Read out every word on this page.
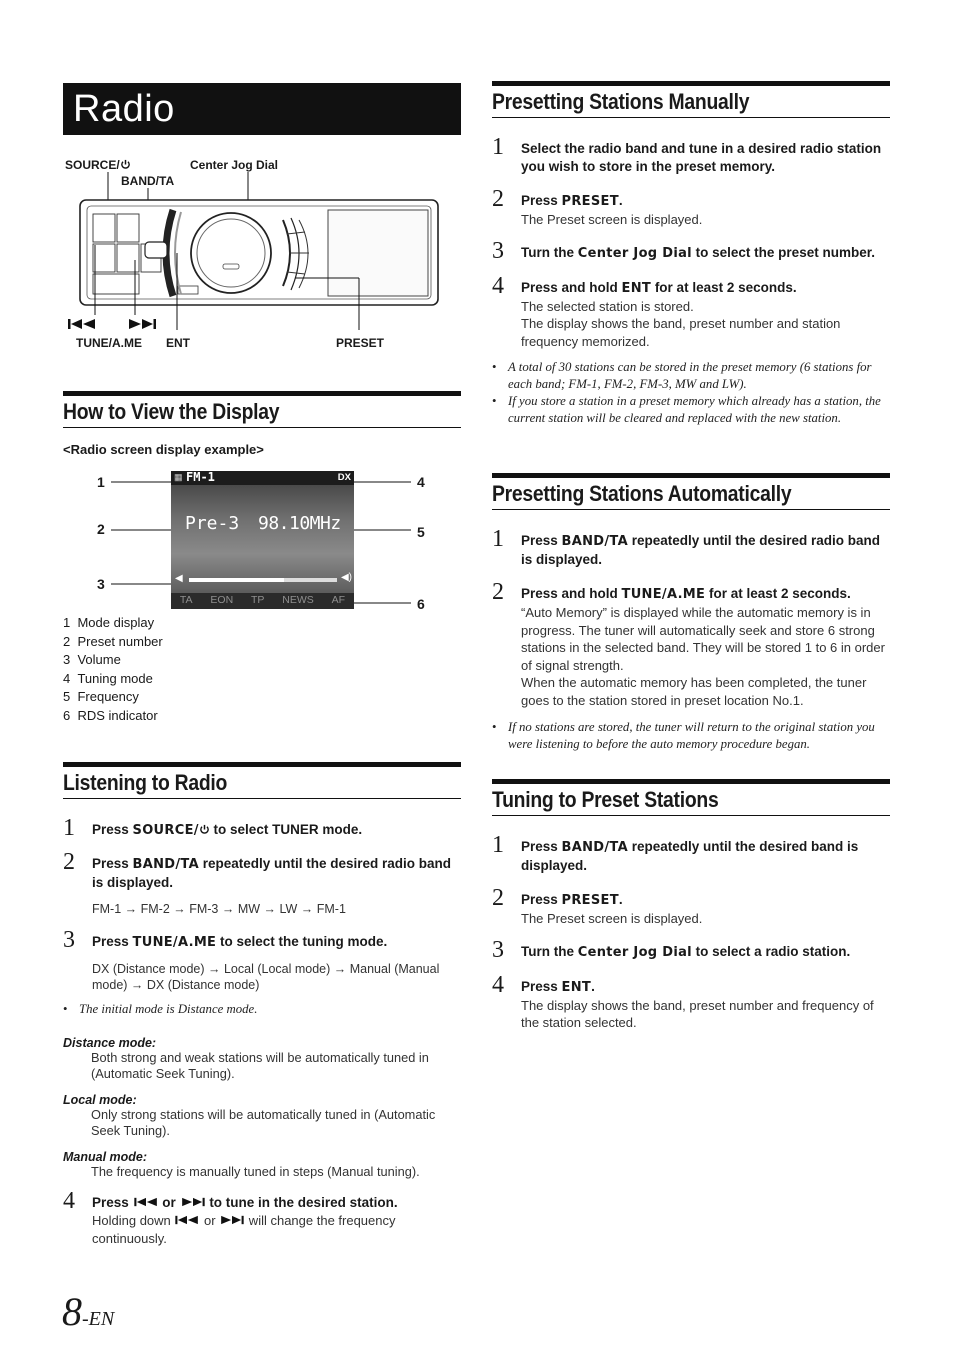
Radio
SOURCE/
BAND/TA
Center Jog Dial
TUNE/A.ME ENT	PRESET
How to View the Display
<Radio screen display example>
1
2
3
4
5
6
▦ FM-1	DX
Pre-3 98.10MHz
◀	◀)
TA EON TP NEWS AF
1 Mode display
2 Preset number
3 Volume
4 Tuning mode
5 Frequency
6 RDS indicator
Listening to Radio
1 Press SOURCE/ to select TUNER mode.
2 Press BAND/TA repeatedly until the desired radio band is displayed.
FM-1 → FM-2 → FM-3 → MW → LW → FM-1
3 Press TUNE/A.ME to select the tuning mode.
DX (Distance mode) → Local (Local mode) → Manual (Manual mode) → DX (Distance mode)
• The initial mode is Distance mode.
Distance mode:
Both strong and weak stations will be automatically tuned in (Automatic Seek Tuning).
Local mode:
Only strong stations will be automatically tuned in (Automatic Seek Tuning).
Manual mode:
The frequency is manually tuned in steps (Manual tuning).
4 Press  or  to tune in the desired station.
Holding down  or  will change the frequency continuously.
Presetting Stations Manually
1 Select the radio band and tune in a desired radio station you wish to store in the preset memory.
2 Press PRESET.
The Preset screen is displayed.
3 Turn the Center Jog Dial to select the preset number.
4 Press and hold ENT for at least 2 seconds.
The selected station is stored.
The display shows the band, preset number and station frequency memorized.
• A total of 30 stations can be stored in the preset memory (6 stations for each band; FM-1, FM-2, FM-3, MW and LW).
• If you store a station in a preset memory which already has a station, the current station will be cleared and replaced with the new station.
Presetting Stations Automatically
1 Press BAND/TA repeatedly until the desired radio band is displayed.
2 Press and hold TUNE/A.ME for at least 2 seconds.
“Auto Memory” is displayed while the automatic memory is in progress. The tuner will automatically seek and store 6 strong stations in the selected band. They will be stored 1 to 6 in order of signal strength.
When the automatic memory has been completed, the tuner goes to the station stored in preset location No.1.
• If no stations are stored, the tuner will return to the original station you were listening to before the auto memory procedure began.
Tuning to Preset Stations
1 Press BAND/TA repeatedly until the desired band is displayed.
2 Press PRESET.
The Preset screen is displayed.
3 Turn the Center Jog Dial to select a radio station.
4 Press ENT.
The display shows the band, preset number and frequency of the station selected.
8-EN
